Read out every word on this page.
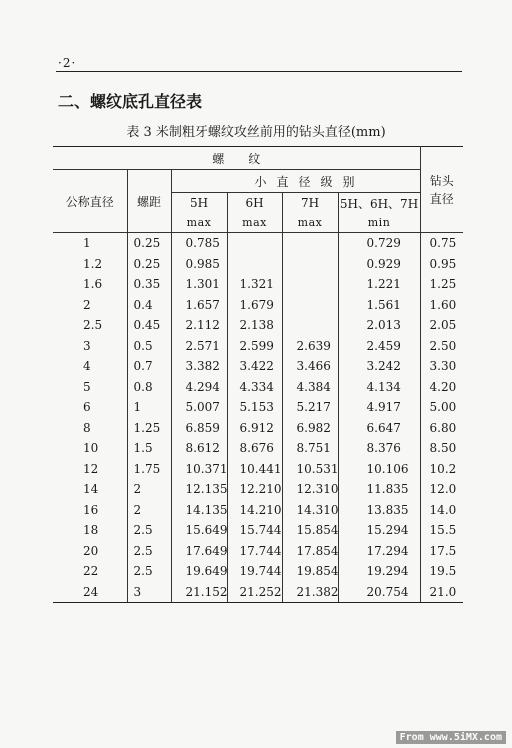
·2·
二、螺纹底孔直径表
表 3 米制粗牙螺纹攻丝前用的钻头直径(mm)
螺　　纹						钻头直径
公称直径	螺距	小直径级别				
		5H	6H	7H	5H、6H、7H	
		max	max	max	min	
1	0.25	0.785			0.729	0.75
1.2	0.25	0.985			0.929	0.95
1.6	0.35	1.301	1.321		1.221	1.25
2	0.4	1.657	1.679		1.561	1.60
2.5	0.45	2.112	2.138		2.013	2.05
3	0.5	2.571	2.599	2.639	2.459	2.50
4	0.7	3.382	3.422	3.466	3.242	3.30
5	0.8	4.294	4.334	4.384	4.134	4.20
6	1	5.007	5.153	5.217	4.917	5.00
8	1.25	6.859	6.912	6.982	6.647	6.80
10	1.5	8.612	8.676	8.751	8.376	8.50
12	1.75	10.371	10.441	10.531	10.106	10.2
14	2	12.135	12.210	12.310	11.835	12.0
16	2	14.135	14.210	14.310	13.835	14.0
18	2.5	15.649	15.744	15.854	15.294	15.5
20	2.5	17.649	17.744	17.854	17.294	17.5
22	2.5	19.649	19.744	19.854	19.294	19.5
24	3	21.152	21.252	21.382	20.754	21.0
From www.5iMX.com
